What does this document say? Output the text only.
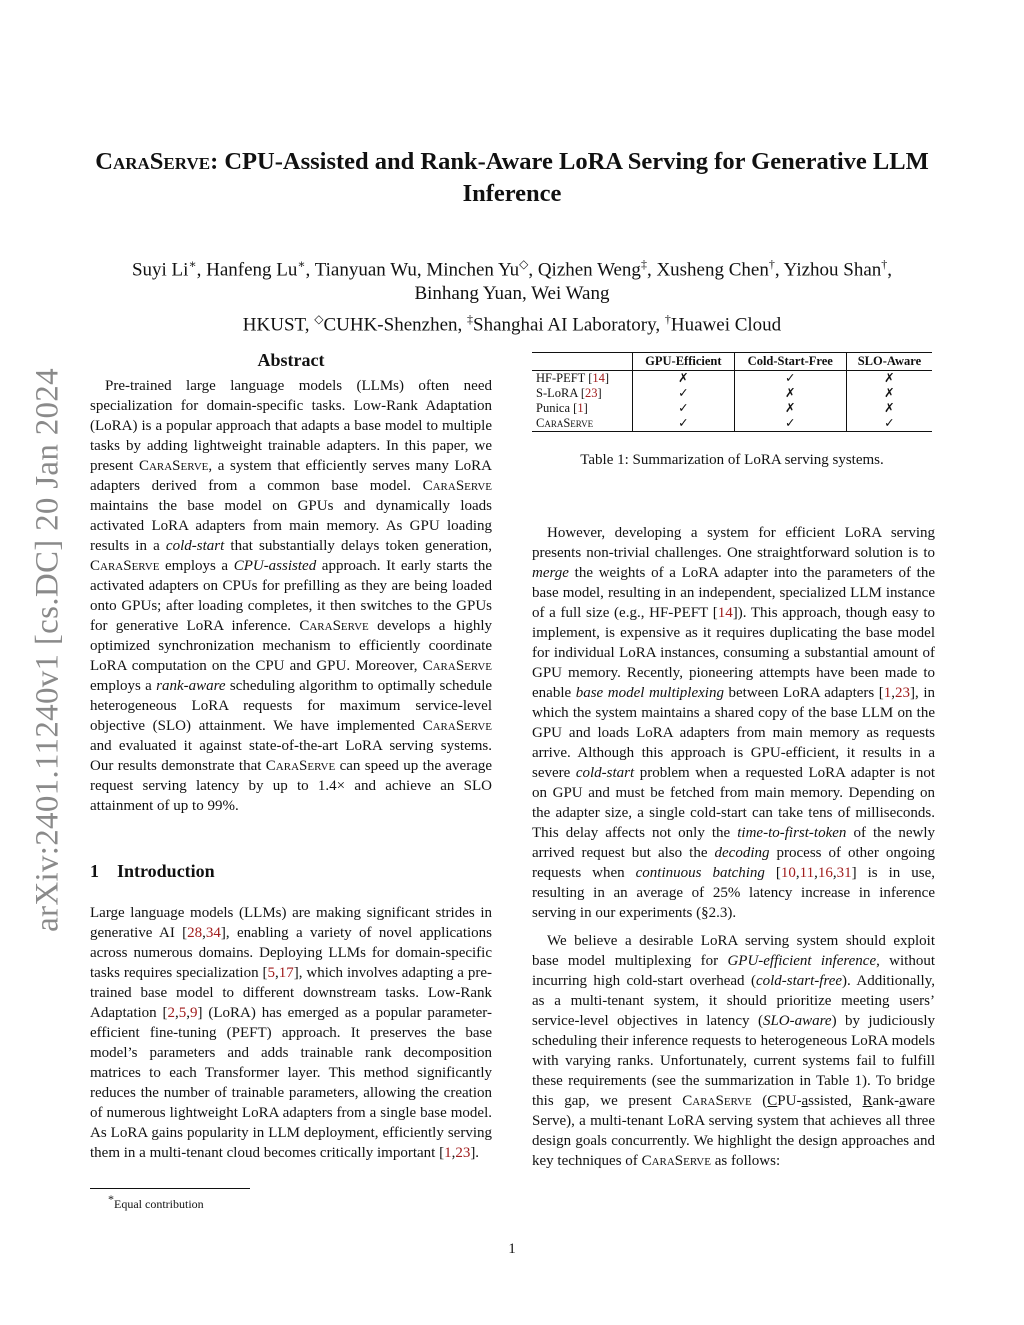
arXiv:2401.11240v1 [cs.DC] 20 Jan 2024
CaraServe: CPU-Assisted and Rank-Aware LoRA Serving for Generative LLM
Inference
Suyi Li∗, Hanfeng Lu∗, Tianyuan Wu, Minchen Yu◇, Qizhen Weng‡, Xusheng Chen†, Yizhou Shan†,
Binhang Yuan, Wei Wang
HKUST, ◇CUHK-Shenzhen, ‡Shanghai AI Laboratory, †Huawei Cloud
Abstract

Pre-trained large language models (LLMs) often need specialization for domain-specific tasks. Low-Rank Adaptation (LoRA) is a popular approach that adapts a base model to multiple tasks by adding lightweight trainable adapters. In this paper, we present CaraServe, a system that efficiently serves many LoRA adapters derived from a common base model. CaraServe maintains the base model on GPUs and dynamically loads activated LoRA adapters from main memory. As GPU loading results in a cold-start that substantially delays token generation, CaraServe employs a CPU-assisted approach. It early starts the activated adapters on CPUs for prefilling as they are being loaded onto GPUs; after loading completes, it then switches to the GPUs for generative LoRA inference. CaraServe develops a highly optimized synchronization mechanism to efficiently coordinate LoRA computation on the CPU and GPU. Moreover, CaraServe employs a rank-aware scheduling algorithm to optimally schedule heterogeneous LoRA requests for maximum service-level objective (SLO) attainment. We have implemented CaraServe and evaluated it against state-of-the-art LoRA serving systems. Our results demonstrate that CaraServe can speed up the average request serving latency by up to 1.4× and achieve an SLO attainment of up to 99%.

1 Introduction

Large language models (LLMs) are making significant strides in generative AI [28,34], enabling a variety of novel applications across numerous domains. Deploying LLMs for domain-specific tasks requires specialization [5,17], which involves adapting a pre-trained base model to different downstream tasks. Low-Rank Adaptation [2,5,9] (LoRA) has emerged as a popular parameter-efficient fine-tuning (PEFT) approach. It preserves the base model’s parameters and adds trainable rank decomposition matrices to each Transformer layer. This method significantly reduces the number of trainable parameters, allowing the creation of numerous lightweight LoRA adapters from a single base model. As LoRA gains popularity in LLM deployment, efficiently serving them in a multi-tenant cloud becomes critically important [1,23].

*Equal contribution
	GPU-Efficient	Cold-Start-Free	SLO-Aware
HF-PEFT [14]	✗	✓	✗
S-LoRA [23]	✓	✗	✗
Punica [1]	✓	✗	✗
CaraServe	✓	✓	✓
Table 1: Summarization of LoRA serving systems.

However, developing a system for efficient LoRA serving presents non-trivial challenges. One straightforward solution is to merge the weights of a LoRA adapter into the parameters of the base model, resulting in an independent, specialized LLM instance of a full size (e.g., HF-PEFT [14]). This approach, though easy to implement, is expensive as it requires duplicating the base model for individual LoRA instances, consuming a substantial amount of GPU memory. Recently, pioneering attempts have been made to enable base model multiplexing between LoRA adapters [1,23], in which the system maintains a shared copy of the base LLM on the GPU and loads LoRA adapters from main memory as requests arrive. Although this approach is GPU-efficient, it results in a severe cold-start problem when a requested LoRA adapter is not on GPU and must be fetched from main memory. Depending on the adapter size, a single cold-start can take tens of milliseconds. This delay affects not only the time-to-first-token of the newly arrived request but also the decoding process of other ongoing requests when continuous batching [10,11,16,31] is in use, resulting in an average of 25% latency increase in inference serving in our experiments (§2.3).

We believe a desirable LoRA serving system should exploit base model multiplexing for GPU-efficient inference, without incurring high cold-start overhead (cold-start-free). Additionally, as a multi-tenant system, it should prioritize meeting users’ service-level objectives in latency (SLO-aware) by judiciously scheduling their inference requests to heterogeneous LoRA models with varying ranks. Unfortunately, current systems fail to fulfill these requirements (see the summarization in Table 1). To bridge this gap, we present CaraServe (CPU-assisted, Rank-aware Serve), a multi-tenant LoRA serving system that achieves all three design goals concurrently. We highlight the design approaches and key techniques of CaraServe as follows:

1
